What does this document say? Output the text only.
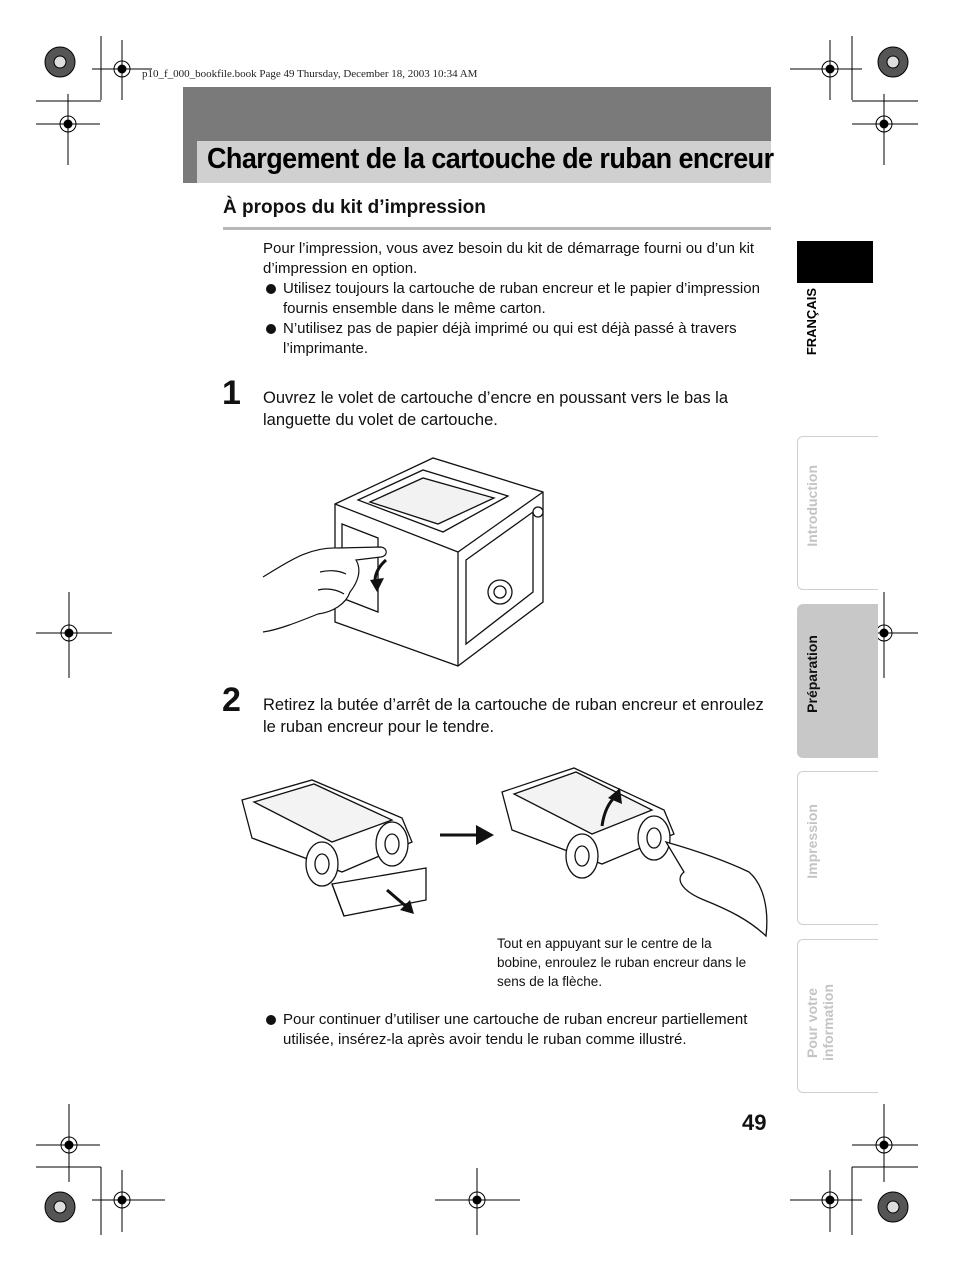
p10_f_000_bookfile.book Page 49 Thursday, December 18, 2003 10:34 AM
Chargement de la cartouche de ruban encreur
À propos du kit d’impression
Pour l’impression, vous avez besoin du kit de démarrage fourni ou d’un kit d’impression en option.
Utilisez toujours la cartouche de ruban encreur et le papier d’impression fournis ensemble dans le même carton.
N’utilisez pas de papier déjà imprimé ou qui est déjà passé à travers l’imprimante.
1 Ouvrez le volet de cartouche d’encre en poussant vers le bas la languette du volet de cartouche.
2 Retirez la butée d’arrêt de la cartouche de ruban encreur et enroulez le ruban encreur pour le tendre.
Tout en appuyant sur le centre de la bobine, enroulez le ruban encreur dans le sens de la flèche.
Pour continuer d’utiliser une cartouche de ruban encreur partiellement utilisée, insérez-la après avoir tendu le ruban comme illustré.
49
FRANÇAIS
Introduction
Préparation
Impression
Pour votre information
